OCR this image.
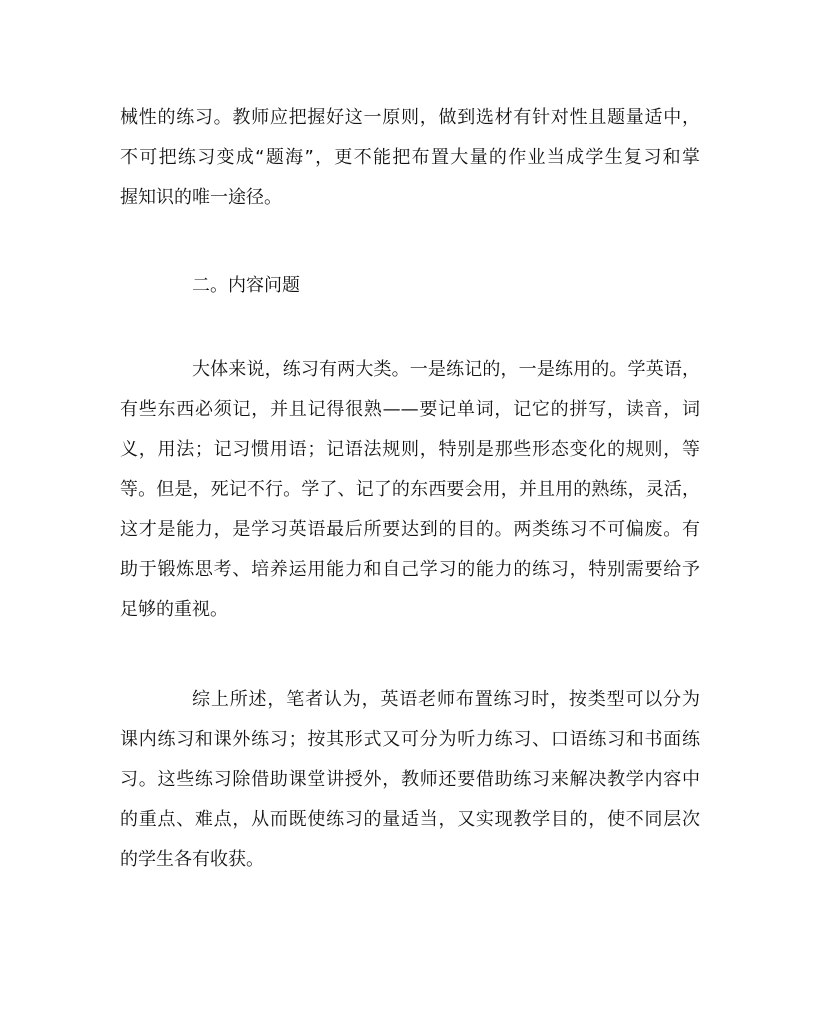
械性的练习。教师应把握好这一原则，做到选材有针对性且题量适中，
不可把练习变成“题海”，更不能把布置大量的作业当成学生复习和掌
握知识的唯一途径。
二。内容问题
大体来说，练习有两大类。一是练记的，一是练用的。学英语，
有些东西必须记，并且记得很熟——要记单词，记它的拼写，读音，词
义，用法；记习惯用语；记语法规则，特别是那些形态变化的规则，等
等。但是，死记不行。学了、记了的东西要会用，并且用的熟练，灵活，
这才是能力，是学习英语最后所要达到的目的。两类练习不可偏废。有
助于锻炼思考、培养运用能力和自己学习的能力的练习，特别需要给予
足够的重视。
综上所述，笔者认为，英语老师布置练习时，按类型可以分为
课内练习和课外练习；按其形式又可分为听力练习、口语练习和书面练
习。这些练习除借助课堂讲授外，教师还要借助练习来解决教学内容中
的重点、难点，从而既使练习的量适当，又实现教学目的，使不同层次
的学生各有收获。
